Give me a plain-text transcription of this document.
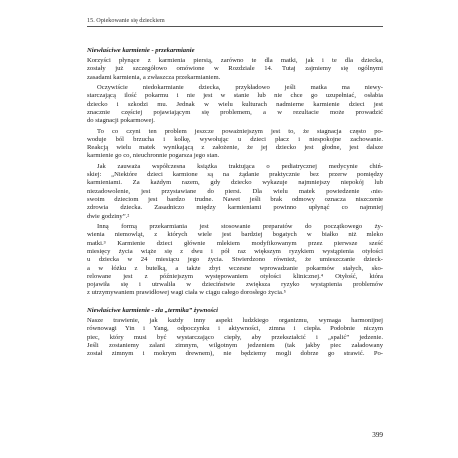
15. Opiekowanie się dzieckiem
Niewłaściwe karmienie - przekarmianie
Korzyści płynące z karmienia piersią, zarówno te dla matki, jak i te dla dziecka,
zostały już szczegółowo omówione w Rozdziale 14. Tutaj zajmiemy się ogólnymi
zasadami karmienia, a zwłaszcza przekarmianiem.
Oczywiście niedokarmianie dziecka, przykładowo jeśli matka ma niewy-
starczającą ilość pokarmu i nie jest w stanie lub nie chce go uzupełniać, osłabia
dziecko i szkodzi mu. Jednak w wielu kulturach nadmierne karmienie dzieci jest
znacznie częściej pojawiającym się problemem, a w rezultacie może prowadzić
do stagnacji pokarmowej.
To co czyni ten problem jeszcze poważniejszym jest to, że stagnacja często po-
woduje ból brzucha i kolkę, wywołując u dzieci płacz i niespokojne zachowanie.
Reakcją wielu matek wynikającą z założenie, że jej dziecko jest głodne, jest dalsze
karmienie go co, nieuchronnie pogarsza jego stan.
Jak zauważa współczesna książka traktująca o pediatrycznej medycynie chiń-
skiej: „Niektóre dzieci karmione są na żądanie praktycznie bez przerw pomiędzy
karmieniami. Za każdym razem, gdy dziecko wykazuje najmniejszy niepokój lub
niezadowolenie, jest przystawiane do piersi. Dla wielu matek powiedzenie ‹nie›
swoim dzieciom jest bardzo trudne. Nawet jeśli brak odmowy oznacza niszczenie
zdrowia dziecka. Zasadniczo między karmieniami powinno upłynąć co najmniej
dwie godziny”.²
Inną formą przekarmiania jest stosowanie preparatów do początkowego ży-
wienia niemowląt, z których wiele jest bardziej bogatych w białko niż mleko
matki.³ Karmienie dzieci głównie mlekiem modyfikowanym przez pierwsze sześć
miesięcy życia wiąże się z dwu i pół raz większym ryzykiem wystąpienia otyłości
u dziecka w 24 miesiącu jego życia. Stwierdzono również, że umieszczanie dzieck-
a w łóżku z butelką, a także zbyt wczesne wprowadzanie pokarmów stałych, sko-
relowane jest z późniejszym występowaniem otyłości klinicznej.⁴ Otyłość, która
pojawiła się i utrwaliła w dzieciństwie zwiększa ryzyko wystąpienia problemów
z utrzymywaniem prawidłowej wagi ciała w ciągu całego dorosłego życia.⁵
Niewłaściwe karmienie - zła „termika” żywności
Nasze trawienie, jak każdy inny aspekt ludzkiego organizmu, wymaga harmonijnej
równowagi Yin i Yang, odpoczynku i aktywności, zimna i ciepła. Podobnie niczym
piec, który musi być wystarczająco ciepły, aby przekształcić i „spalić” jedzenie.
Jeśli zostaniemy zalani zimnym, wilgotnym jedzeniem (tak jakby piec załadowany
został zimnym i mokrym drewnem), nie będziemy mogli dobrze go strawić. Po-
399
